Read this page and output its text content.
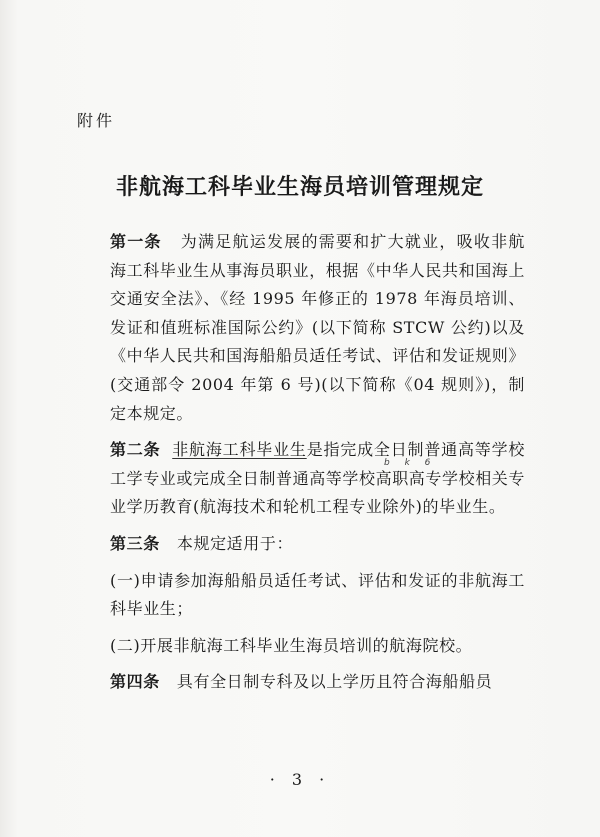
附件
非航海工科毕业生海员培训管理规定

第一条 为满足航运发展的需要和扩大就业，吸收非航海工科毕业生从事海员职业，根据《中华人民共和国海上交通安全法》、《经 1995 年修正的 1978 年海员培训、发证和值班标准国际公约》(以下简称 STCW 公约)以及《中华人民共和国海船船员适任考试、评估和发证规则》(交通部令 2004 年第 6 号)(以下简称《04 规则》)，制定本规定。

第二条 非航海工科毕业生是指完成全日制普通高等学校工学专业或完成全日制普通高等学校高职高专学校相关专业学历教育(航海技术和轮机工程专业除外)的毕业生。

第三条 本规定适用于：

(一)申请参加海船船员适任考试、评估和发证的非航海工科毕业生；

(二)开展非航海工科毕业生海员培训的航海院校。

第四条 具有全日制专科及以上学历且符合海船船员

b k 6
· 3 ·
